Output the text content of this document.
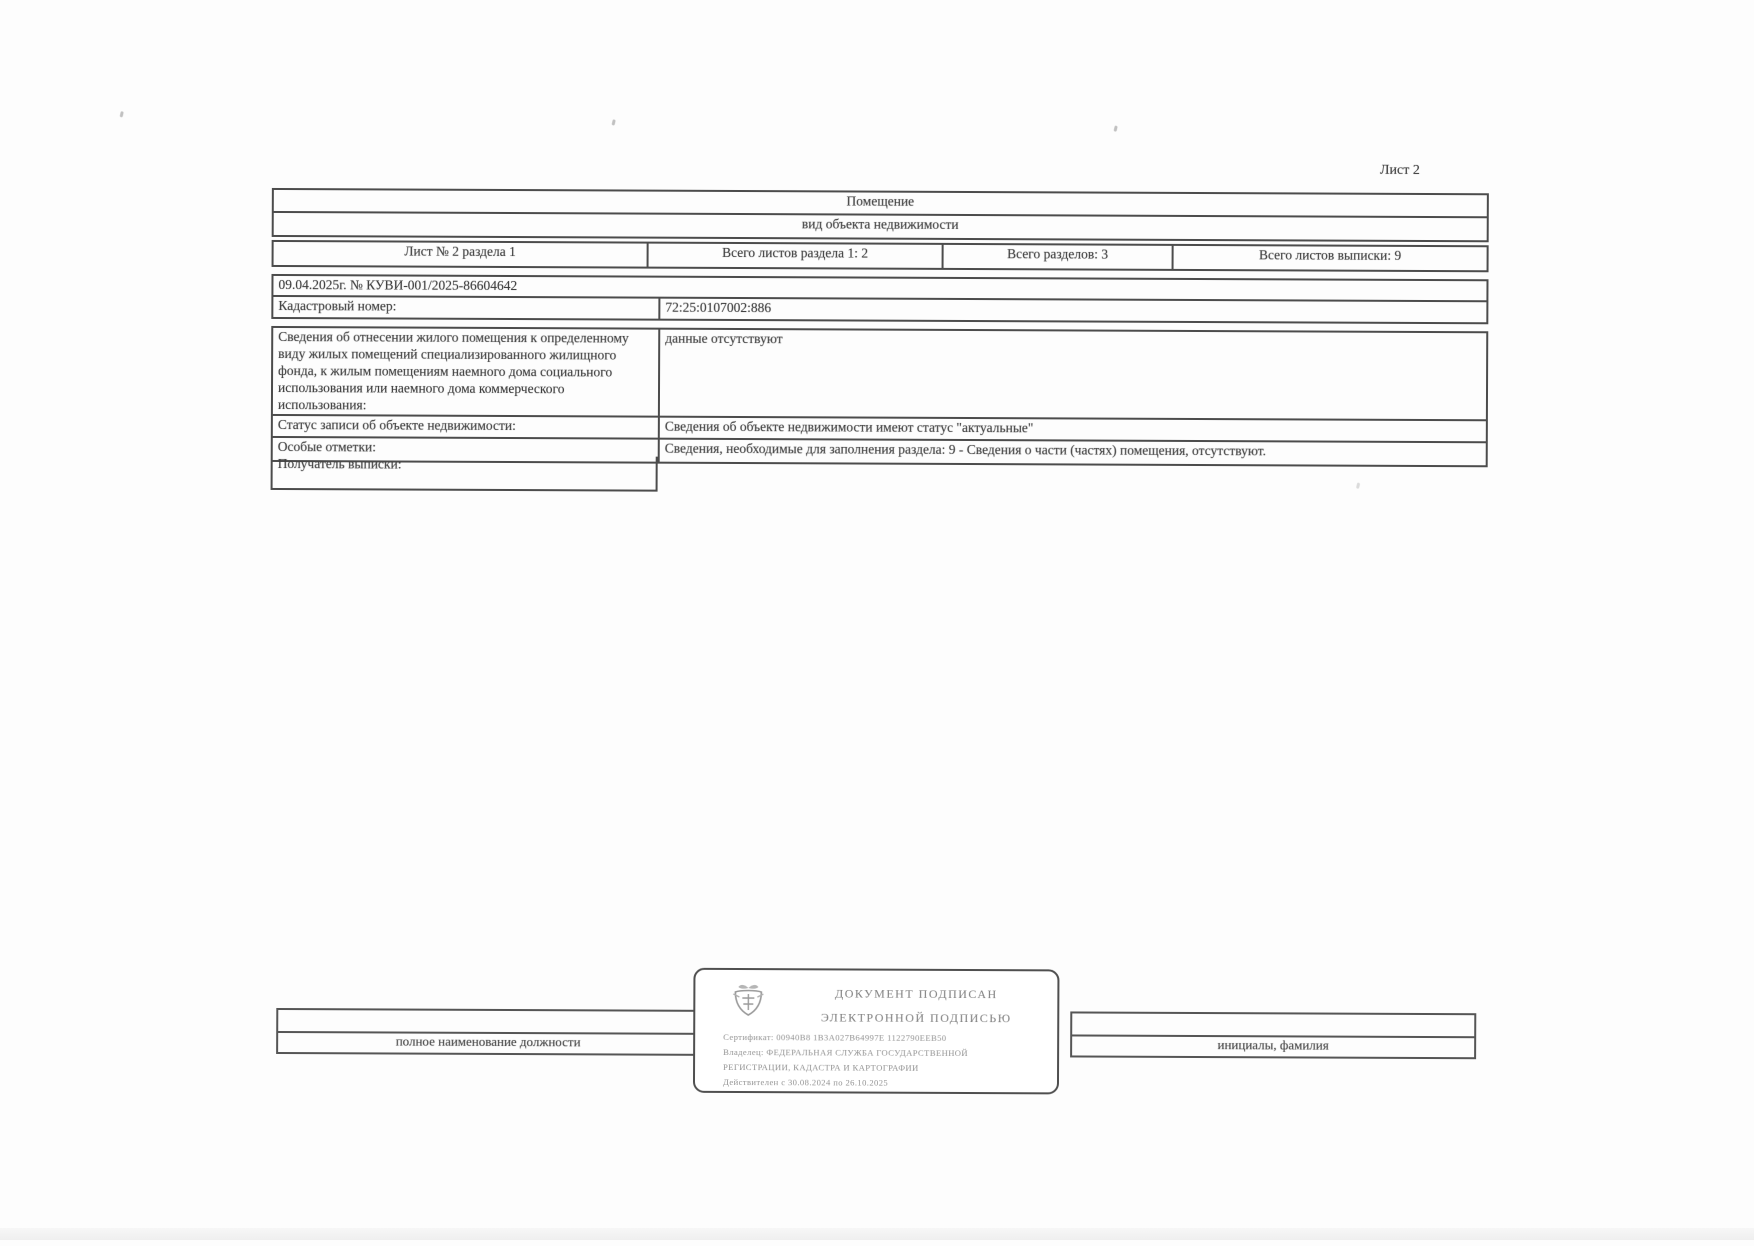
Лист 2
Помещение
вид объекта недвижимости
Лист № 2 раздела 1	Всего листов раздела 1: 2	Всего разделов: 3	Всего листов выписки: 9
09.04.2025г. № КУВИ-001/2025-86604642
Кадастровый номер:	72:25:0107002:886
Сведения об отнесении жилого помещения к определенному виду жилых помещений специализированного жилищного фонда, к жилым помещениям наемного дома социального использования или наемного дома коммерческого использования:
данные отсутствуют
Статус записи об объекте недвижимости:	Сведения об объекте недвижимости имеют статус "актуальные"
Особые отметки:	Сведения, необходимые для заполнения раздела: 9 - Сведения о части (частях) помещения, отсутствуют.
Получатель выписки:
полное наименование должности	инициалы, фамилия
ДОКУМЕНТ ПОДПИСАН
ЭЛЕКТРОННОЙ ПОДПИСЬЮ
Сертификат: 00940B8 1B3A027B64997E 1122790EEB50
Владелец: ФЕДЕРАЛЬНАЯ СЛУЖБА ГОСУДАРСТВЕННОЙ
РЕГИСТРАЦИИ, КАДАСТРА И КАРТОГРАФИИ
Действителен с 30.08.2024 по 26.10.2025
